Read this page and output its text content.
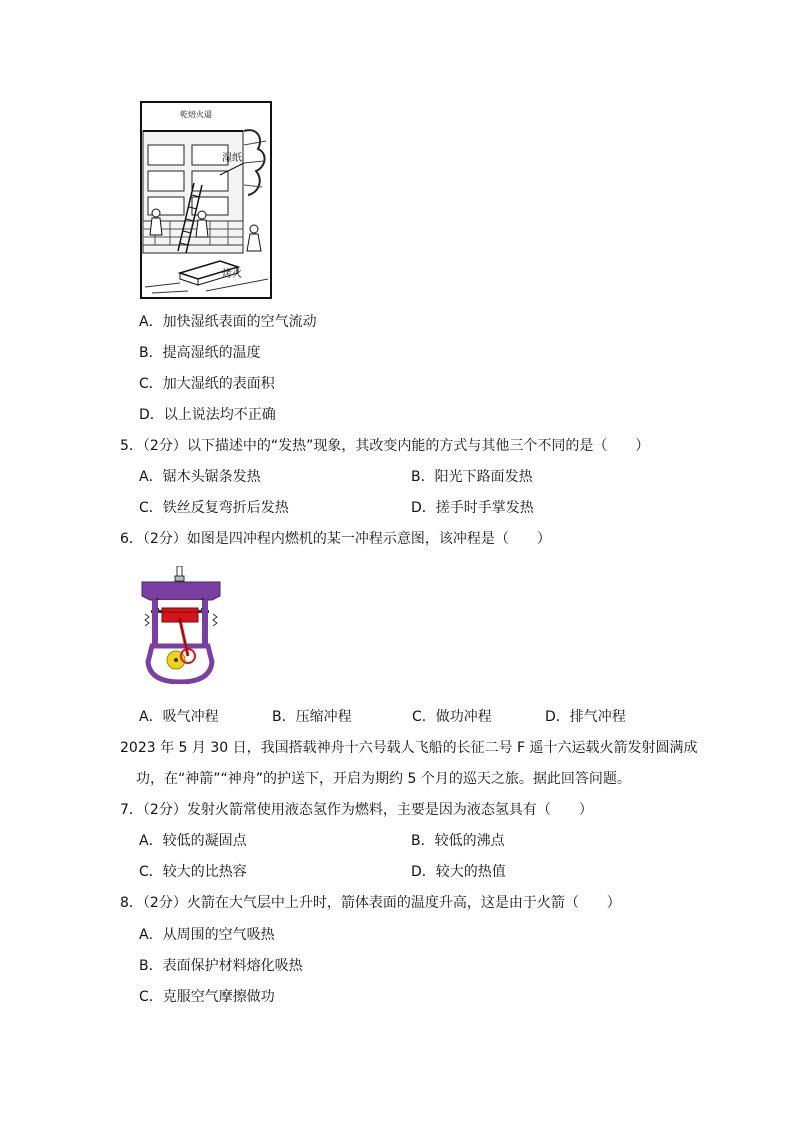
乾焙火逼
湿纸
烤火
A．加快湿纸表面的空气流动
B．提高湿纸的温度
C．加大湿纸的表面积
D．以上说法均不正确
5．（2分）以下描述中的“发热”现象，其改变内能的方式与其他三个不同的是（　　）
A．锯木头锯条发热	B．阳光下路面发热
C．铁丝反复弯折后发热	D．搓手时手掌发热
6．（2分）如图是四冲程内燃机的某一冲程示意图，该冲程是（　　）
A．吸气冲程	B．压缩冲程	C．做功冲程	D．排气冲程
2023 年 5 月 30 日，我国搭载神舟十六号载人飞船的长征二号 F 遥十六运载火箭发射圆满成
功，在“神箭”“神舟”的护送下，开启为期约 5 个月的巡天之旅。据此回答问题。
7．（2分）发射火箭常使用液态氢作为燃料，主要是因为液态氢具有（　　）
A．较低的凝固点	B．较低的沸点
C．较大的比热容	D．较大的热值
8．（2分）火箭在大气层中上升时，箭体表面的温度升高，这是由于火箭（　　）
A．从周围的空气吸热
B．表面保护材料熔化吸热
C．克服空气摩擦做功
